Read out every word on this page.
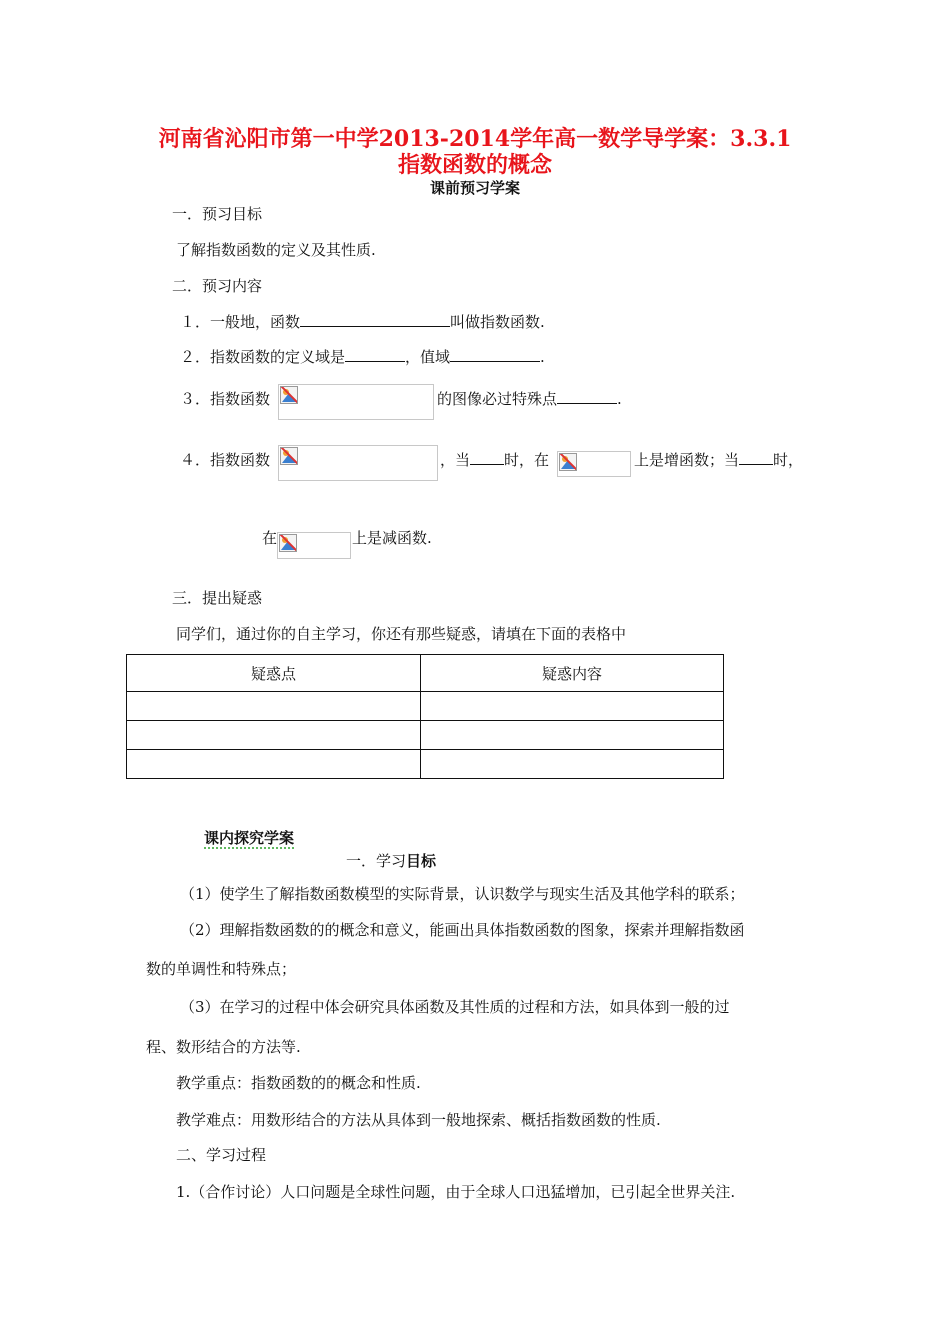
河南省沁阳市第一中学2013-2014学年高一数学导学案：3.3.1
指数函数的概念
课前预习学案
一．预习目标
了解指数函数的定义及其性质.
二．预习内容
１．一般地，函数	叫做指数函数.
２．指数函数的定义域是	，值域	.
３．指数函数	的图像必过特殊点	.
４．指数函数	，当 时，在	上是增函数；当 时，
在	上是减函数.
三．提出疑惑
同学们，通过你的自主学习，你还有那些疑惑，请填在下面的表格中
疑惑点	疑惑内容

课内探究学案
一．学习目标
（1）使学生了解指数函数模型的实际背景，认识数学与现实生活及其他学科的联系；
（2）理解指数函数的的概念和意义，能画出具体指数函数的图象，探索并理解指数函
数的单调性和特殊点；
（3）在学习的过程中体会研究具体函数及其性质的过程和方法，如具体到一般的过
程、数形结合的方法等.
教学重点：指数函数的的概念和性质.
教学难点：用数形结合的方法从具体到一般地探索、概括指数函数的性质.
二、学习过程
1.（合作讨论）人口问题是全球性问题，由于全球人口迅猛增加，已引起全世界关注.
